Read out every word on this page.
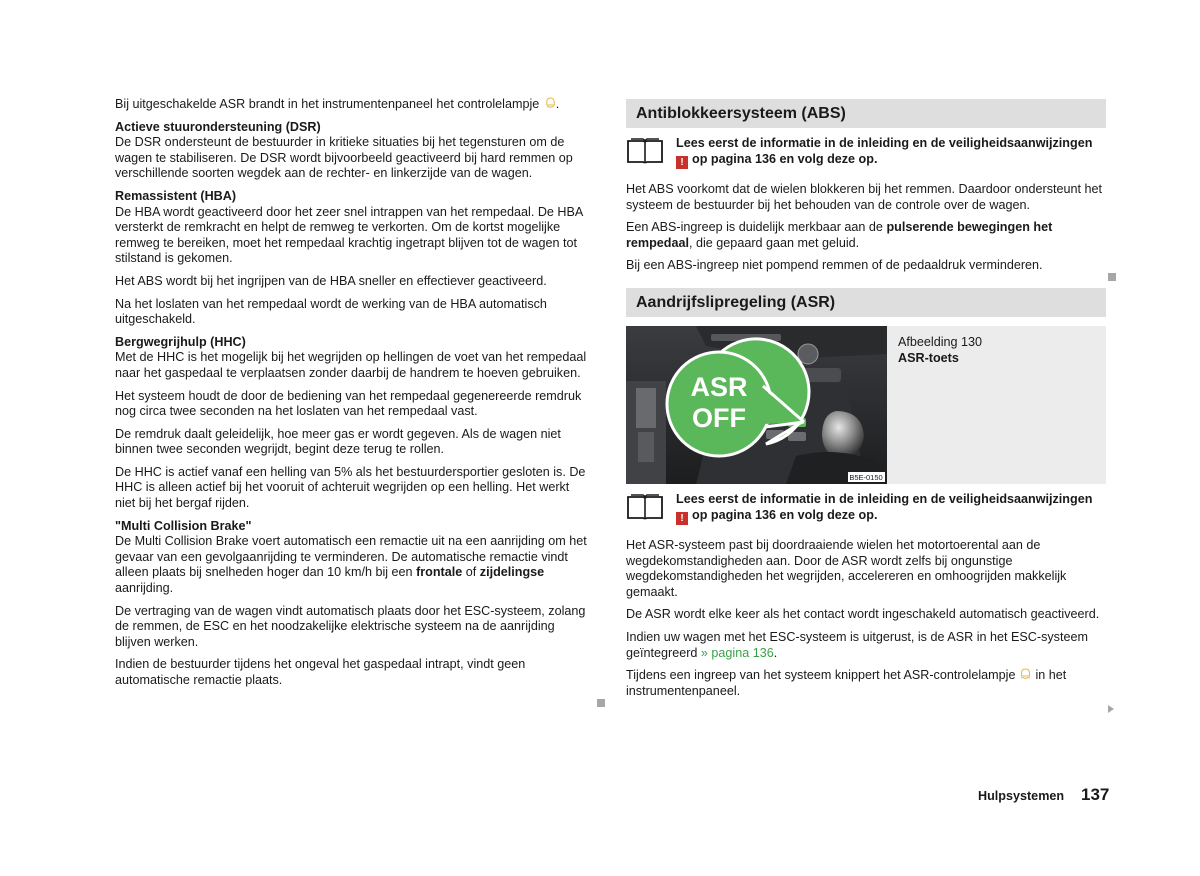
Bij uitgeschakelde ASR brandt in het instrumentenpaneel het controlelampje .

Actieve stuurondersteuning (DSR)
De DSR ondersteunt de bestuurder in kritieke situaties bij het tegensturen om de wagen te stabiliseren. De DSR wordt bijvoorbeeld geactiveerd bij hard remmen op verschillende soorten wegdek aan de rechter- en linkerzijde van de wagen.
Remassistent (HBA)
De HBA wordt geactiveerd door het zeer snel intrappen van het rempedaal. De HBA versterkt de remkracht en helpt de remweg te verkorten. Om de kortst mogelijke remweg te bereiken, moet het rempedaal krachtig ingetrapt blijven tot de wagen tot stilstand is gekomen.

Het ABS wordt bij het ingrijpen van de HBA sneller en effectiever geactiveerd.

Na het loslaten van het rempedaal wordt de werking van de HBA automatisch uitgeschakeld.

Bergwegrijhulp (HHC)
Met de HHC is het mogelijk bij het wegrijden op hellingen de voet van het rempedaal naar het gaspedaal te verplaatsen zonder daarbij de handrem te hoeven gebruiken.

Het systeem houdt de door de bediening van het rempedaal gegenereerde remdruk nog circa twee seconden na het loslaten van het rempedaal vast.

De remdruk daalt geleidelijk, hoe meer gas er wordt gegeven. Als de wagen niet binnen twee seconden wegrijdt, begint deze terug te rollen.

De HHC is actief vanaf een helling van 5% als het bestuurdersportier gesloten is. De HHC is alleen actief bij het vooruit of achteruit wegrijden op een helling. Het werkt niet bij het bergaf rijden.

"Multi Collision Brake"
De Multi Collision Brake voert automatisch een remactie uit na een aanrijding om het gevaar van een gevolgaanrijding te verminderen. De automatische remactie vindt alleen plaats bij snelheden hoger dan 10 km/h bij een frontale of zijdelingse aanrijding.

De vertraging van de wagen vindt automatisch plaats door het ESC-systeem, zolang de remmen, de ESC en het noodzakelijke elektrische systeem na de aanrijding blijven werken.

Indien de bestuurder tijdens het ongeval het gaspedaal intrapt, vindt geen automatische remactie plaats.

Antiblokkeersysteem (ABS)
Lees eerst de informatie in de inleiding en de veiligheidsaanwijzingen
! op pagina 136 en volg deze op.

Het ABS voorkomt dat de wielen blokkeren bij het remmen. Daardoor ondersteunt het systeem de bestuurder bij het behouden van de controle over de wagen.

Een ABS-ingreep is duidelijk merkbaar aan de pulserende bewegingen het rempedaal, die gepaard gaan met geluid.

Bij een ABS-ingreep niet pompend remmen of de pedaaldruk verminderen.

Aandrijfslipregeling (ASR)
ASR
OFF
B5E-0150
Afbeelding 130
ASR-toets
Lees eerst de informatie in de inleiding en de veiligheidsaanwijzingen
! op pagina 136 en volg deze op.

Het ASR-systeem past bij doordraaiende wielen het motortoerental aan de wegdekomstandigheden aan. Door de ASR wordt zelfs bij ongunstige wegdekomstandigheden het wegrijden, accelereren en omhoogrijden makkelijk gemaakt.

De ASR wordt elke keer als het contact wordt ingeschakeld automatisch geactiveerd.

Indien uw wagen met het ESC-systeem is uitgerust, is de ASR in het ESC-systeem geïntegreerd » pagina 136.

Tijdens een ingreep van het systeem knippert het ASR-controlelampje in het instrumentenpaneel.

Hulpsystemen 137
